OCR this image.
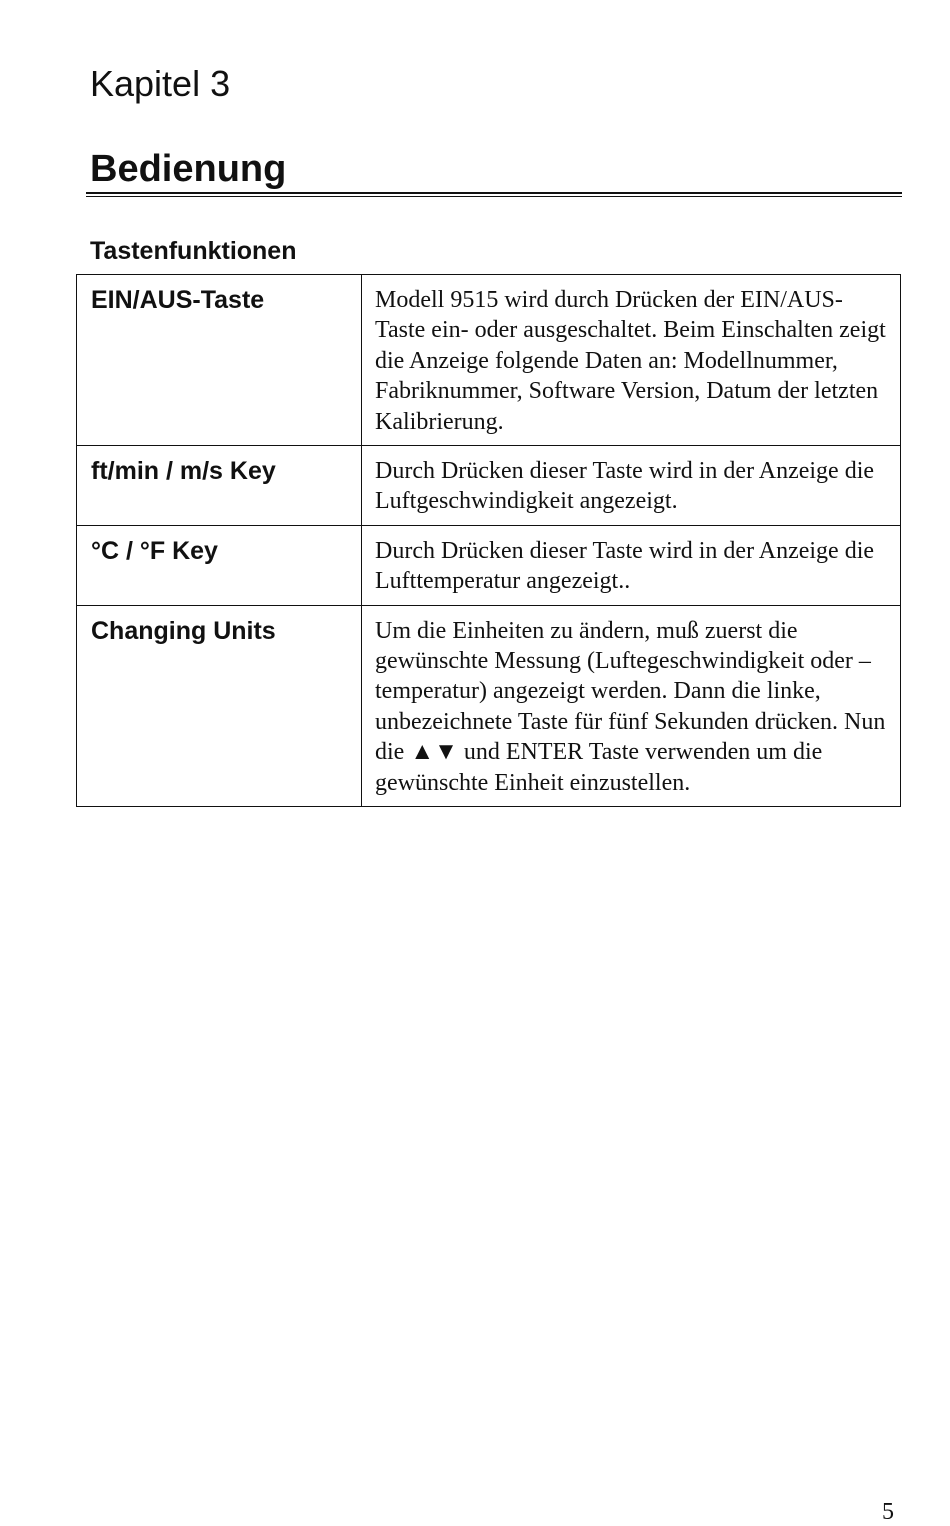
Kapitel 3
Bedienung
Tastenfunktionen
EIN/AUS-Taste	Modell 9515 wird durch Drücken der EIN/AUS-Taste ein- oder ausgeschaltet. Beim Einschalten zeigt die Anzeige folgende Daten an: Modellnummer, Fabriknummer, Software Version, Datum der letzten Kalibrierung.
ft/min / m/s Key	Durch Drücken dieser Taste wird in der Anzeige die Luftgeschwindigkeit angezeigt.
°C / °F Key	Durch Drücken dieser Taste wird in der Anzeige die Lufttemperatur angezeigt..
Changing Units	Um die Einheiten zu ändern, muß zuerst die gewünschte Messung (Luftegeschwindigkeit oder –temperatur) angezeigt werden. Dann die linke, unbezeichnete Taste für fünf Sekunden drücken. Nun die ▲▼ und ENTER Taste verwenden um die gewünschte Einheit einzustellen.
5
